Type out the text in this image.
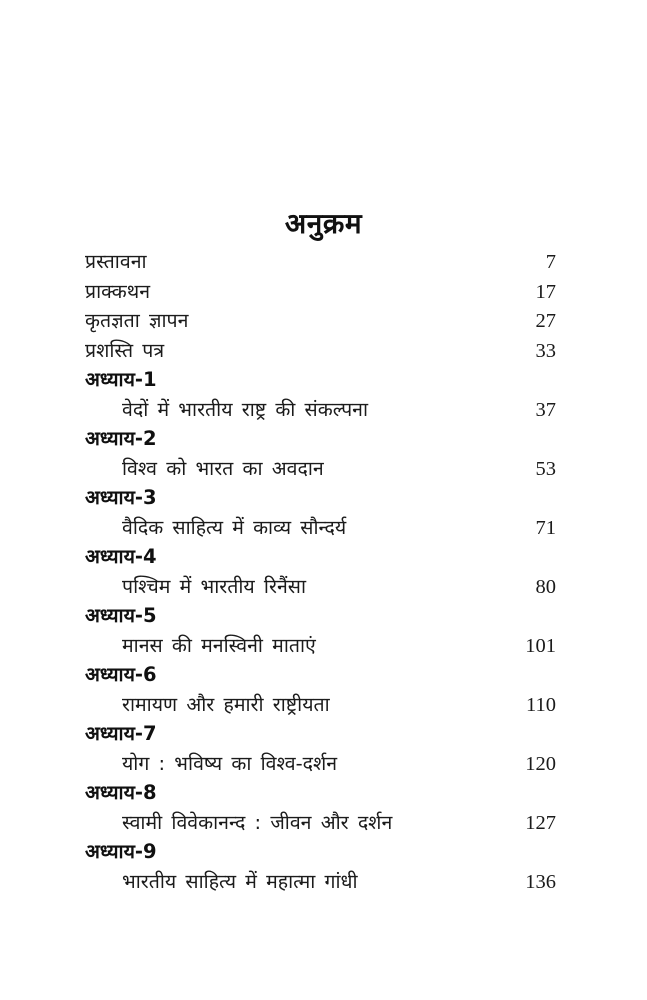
अनुक्रम
प्रस्तावना	7
प्राक्कथन	17
कृतज्ञता ज्ञापन	27
प्रशस्ति पत्र	33
अध्याय-1
वेदों में भारतीय राष्ट्र की संकल्पना	37
अध्याय-2
विश्व को भारत का अवदान	53
अध्याय-3
वैदिक साहित्य में काव्य सौन्दर्य	71
अध्याय-4
पश्चिम में भारतीय रिनैंसा	80
अध्याय-5
मानस की मनस्विनी माताएं	101
अध्याय-6
रामायण और हमारी राष्ट्रीयता	110
अध्याय-7
योग : भविष्य का विश्व-दर्शन	120
अध्याय-8
स्वामी विवेकानन्द : जीवन और दर्शन	127
अध्याय-9
भारतीय साहित्य में महात्मा गांधी	136
